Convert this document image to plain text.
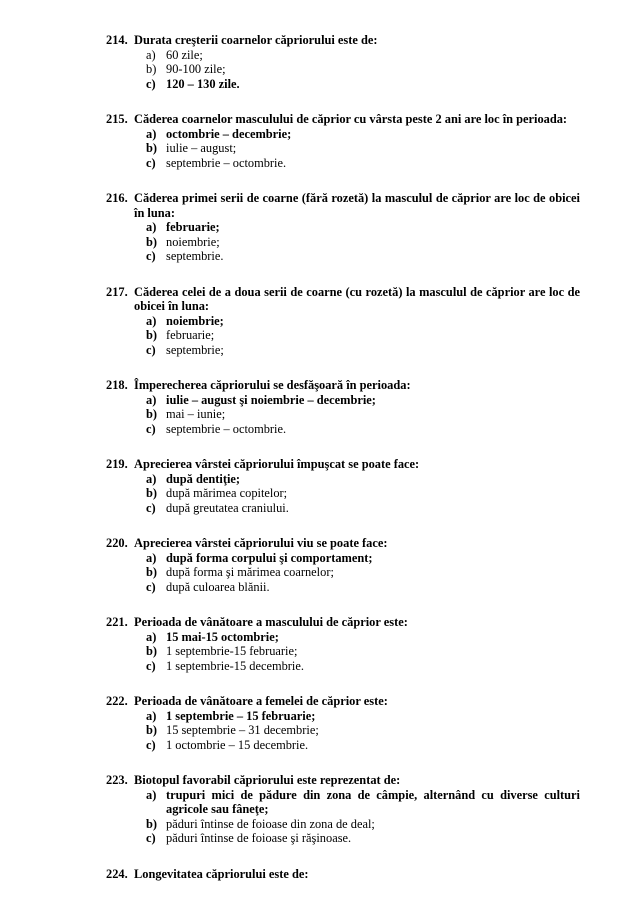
214. Durata creşterii coarnelor căpriorului este de:
a) 60 zile;
b) 90-100 zile;
c) 120 – 130 zile.
215. Căderea coarnelor masculului de căprior cu vârsta peste 2 ani are loc în perioada:
a) octombrie – decembrie;
b) iulie – august;
c) septembrie – octombrie.
216. Căderea primei serii de coarne (fără rozetă) la masculul de căprior are loc de obicei în luna:
a) februarie;
b) noiembrie;
c) septembrie.
217. Căderea celei de a doua serii de coarne (cu rozetă) la masculul de căprior are loc de obicei în luna:
a) noiembrie;
b) februarie;
c) septembrie;
218. Împerecherea căpriorului se desfăşoară în perioada:
a) iulie – august şi noiembrie – decembrie;
b) mai – iunie;
c) septembrie – octombrie.
219. Aprecierea vârstei căpriorului împuşcat se poate face:
a) după dentiţie;
b) după mărimea copitelor;
c) după greutatea craniului.
220. Aprecierea vârstei căpriorului viu se poate face:
a) după forma corpului şi comportament;
b) după forma şi mărimea coarnelor;
c) după culoarea blănii.
221. Perioada de vânătoare a masculului de căprior este:
a) 15 mai-15 octombrie;
b) 1 septembrie-15 februarie;
c) 1 septembrie-15 decembrie.
222. Perioada de vânătoare a femelei de căprior este:
a) 1 septembrie – 15 februarie;
b) 15 septembrie – 31 decembrie;
c) 1 octombrie – 15 decembrie.
223. Biotopul favorabil căpriorului este reprezentat de:
a) trupuri mici de pădure din zona de câmpie, alternând cu diverse culturi agricole sau fâneţe;
b) păduri întinse de foioase din zona de deal;
c) păduri întinse de foioase şi răşinoase.
224. Longevitatea căpriorului este de:
